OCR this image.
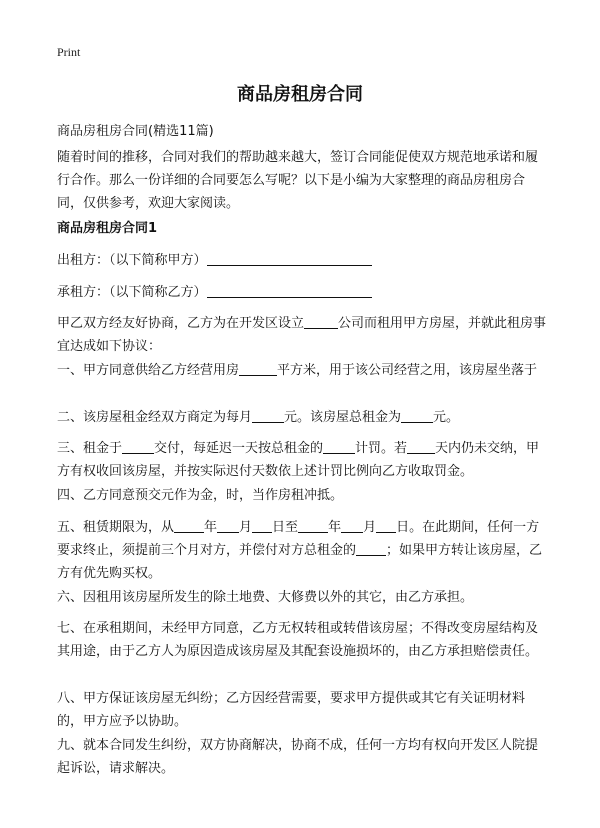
Print
商品房租房合同
商品房租房合同(精选11篇)
随着时间的推移，合同对我们的帮助越来越大，签订合同能促使双方规范地承诺和履行合作。那么一份详细的合同要怎么写呢？以下是小编为大家整理的商品房租房合同，仅供参考，欢迎大家阅读。
商品房租房合同1
出租方：（以下简称甲方）
承租方：（以下简称乙方）
甲乙双方经友好协商，乙方为在开发区设立	公司而租用甲方房屋，并就此租房事宜达成如下协议：
一、甲方同意供给乙方经营用房	平方米，用于该公司经营之用，该房屋坐落于
二、该房屋租金经双方商定为每月 元。该房屋总租金为 元。
三、租金于 交付，每延迟一天按总租金的 计罚。若 天内仍未交纳，甲方有权收回该房屋，并按实际迟付天数依上述计罚比例向乙方收取罚金。
四、乙方同意预交元作为金，时，当作房租冲抵。
五、租赁期限为，从 年 月 日至 年 月 日。在此期间，任何一方要求终止，须提前三个月对方，并偿付对方总租金的 ；如果甲方转让该房屋，乙方有优先购买权。
六、因租用该房屋所发生的除土地费、大修费以外的其它，由乙方承担。
七、在承租期间，未经甲方同意，乙方无权转租或转借该房屋；不得改变房屋结构及其用途，由于乙方人为原因造成该房屋及其配套设施损坏的，由乙方承担赔偿责任。
八、甲方保证该房屋无纠纷；乙方因经营需要，要求甲方提供或其它有关证明材料的，甲方应予以协助。
九、就本合同发生纠纷，双方协商解决，协商不成，任何一方均有权向开发区人院提起诉讼，请求解决。
